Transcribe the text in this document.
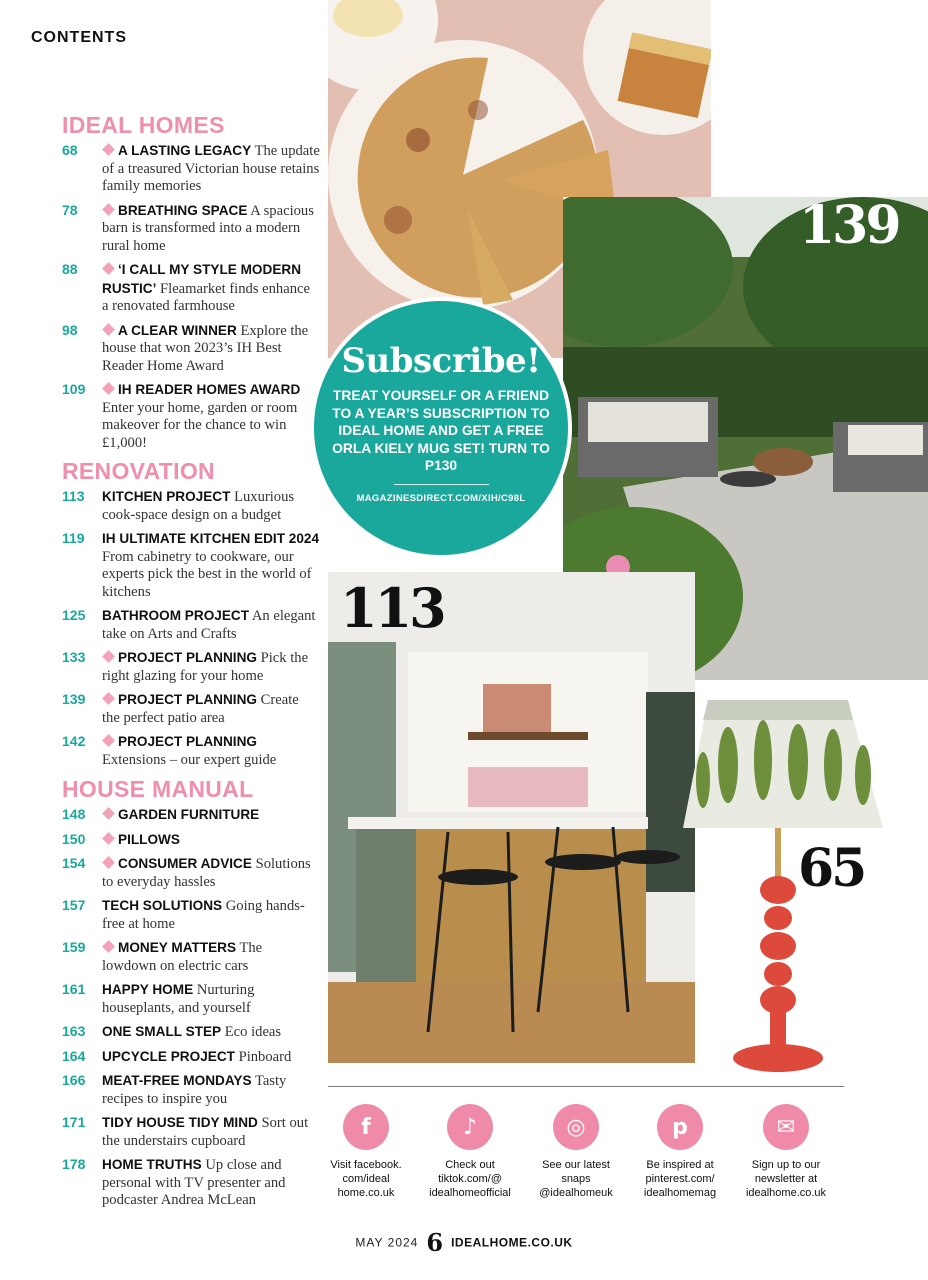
CONTENTS
IDEAL HOMES
68	A LASTING LEGACY The update of a treasured Victorian house retains family memories
78	BREATHING SPACE A spacious barn is transformed into a modern rural home
88	‘I CALL MY STYLE MODERN RUSTIC’ Fleamarket finds enhance a renovated farmhouse
98	A CLEAR WINNER Explore the house that won 2023’s IH Best Reader Home Award
109 IH READER HOMES AWARD Enter your home, garden or room makeover for the chance to win £1,000!
RENOVATION
113 KITCHEN PROJECT Luxurious cook-space design on a budget
119 IH ULTIMATE KITCHEN EDIT 2024 From cabinetry to cookware, our experts pick the best in the world of kitchens
125 BATHROOM PROJECT An elegant take on Arts and Crafts
133 PROJECT PLANNING Pick the right glazing for your home
139 PROJECT PLANNING Create the perfect patio area
142 PROJECT PLANNING Extensions – our expert guide
HOUSE MANUAL
148 GARDEN FURNITURE
150 PILLOWS
154 CONSUMER ADVICE Solutions to everyday hassles
157 TECH SOLUTIONS Going hands-free at home
159 MONEY MATTERS The lowdown on electric cars
161 HAPPY HOME Nurturing houseplants, and yourself
163 ONE SMALL STEP Eco ideas
164 UPCYCLE PROJECT Pinboard
166 MEAT-FREE MONDAYS Tasty recipes to inspire you
171 TIDY HOUSE TIDY MIND Sort out the understairs cupboard
178 HOME TRUTHS Up close and personal with TV presenter and podcaster Andrea McLean
139
113
65
Subscribe!
TREAT YOURSELF OR A FRIEND TO A YEAR’S SUBSCRIPTION TO IDEAL HOME AND GET A FREE ORLA KIELY MUG SET! TURN TO P130
MAGAZINESDIRECT.COM/XIH/C98L
f
Visit facebook. com/ideal home.co.uk
♪
Check out tiktok.com/@ idealhomeofficial
◎
See our latest snaps @idealhomeuk
p
Be inspired at pinterest.com/ idealhomemag
✉
Sign up to our newsletter at idealhome.co.uk
MAY 2024 6 IDEALHOME.CO.UK
